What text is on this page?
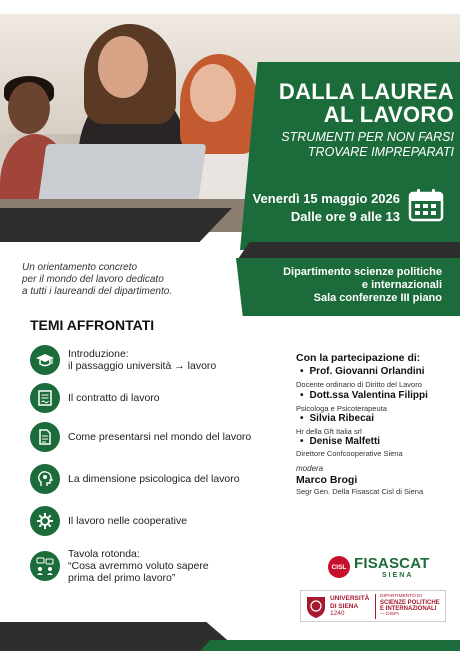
DALLA LAUREA
AL LAVORO
STRUMENTI PER NON FARSI
TROVARE IMPREPARATI
Venerdì 15 maggio 2026
Dalle ore 9 alle 13
Un orientamento concreto
per il mondo del lavoro dedicato
a tutti i laureandi del dipartimento.
Dipartimento scienze politiche
e internazionali
Sala conferenze III piano
TEMI AFFRONTATI
Introduzione:
il passaggio università → lavoro
Il contratto di lavoro
Come presentarsi nel mondo del lavoro
La dimensione psicologica del lavoro
Il lavoro nelle cooperative
Tavola rotonda:
“Cosa avremmo voluto sapere
prima del primo lavoro”
Con la partecipazione di:
• Prof. Giovanni Orlandini
Docente ordinario di Diritto del Lavoro
• Dott.ssa Valentina Filippi
Psicologa e Psicoterapeuta
• Silvia Ribecai
Hr della Gft Italia srl
• Denise Malfetti
Direttore Confcooperative Siena
modera
Marco Brogi
Segr Gen. Della Fisascat Cisl di Siena
CISL FISASCAT
SIENA
UNIVERSITÀ
DI SIENA
1240
DIPARTIMENTO DI
SCIENZE POLITICHE
E INTERNAZIONALI
— DISPI
